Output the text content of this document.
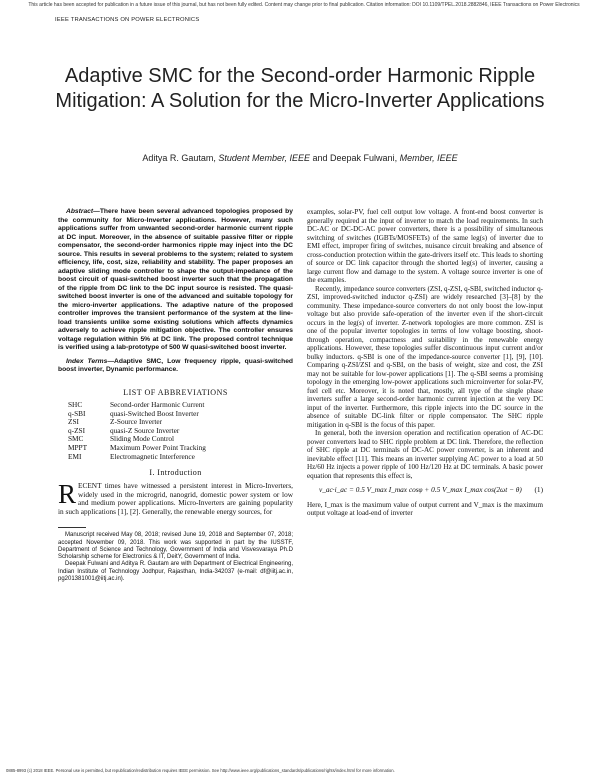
This article has been accepted for publication in a future issue of this journal, but has not been fully edited. Content may change prior to final publication. Citation information: DOI 10.1109/TPEL.2018.2882846, IEEE Transactions on Power Electronics
IEEE TRANSACTIONS ON POWER ELECTRONICS
Adaptive SMC for the Second-order Harmonic Ripple Mitigation: A Solution for the Micro-Inverter Applications
Aditya R. Gautam, Student Member, IEEE and Deepak Fulwani, Member, IEEE

Abstract—There have been several advanced topologies proposed by the community for Micro-Inverter applications. However, many such applications suffer from unwanted second-order harmonic current ripple at DC input. Moreover, in the absence of suitable passive filter or ripple compensator, the second-order harmonics ripple may inject into the DC source. This results in several problems to the system; related to system efficiency, life, cost, size, reliability and stability. The paper proposes an adaptive sliding mode controller to shape the output-impedance of the boost circuit of quasi-switched boost inverter such that the propagation of the ripple from DC link to the DC input source is resisted. The quasi-switched boost inverter is one of the advanced and suitable topology for the micro-inverter applications. The adaptive nature of the proposed controller improves the transient performance of the system at the line-load transients unlike some existing solutions which affects dynamics adversely to achieve ripple mitigation objective. The controller ensures voltage regulation within 5% at DC link. The proposed control technique is verified using a lab-prototype of 500 W quasi-switched boost inverter.

Index Terms—Adaptive SMC, Low frequency ripple, quasi-switched boost inverter, Dynamic performance.

LIST OF ABBREVIATIONS
SHC	Second-order Harmonic Current
q-SBI	quasi-Switched Boost Inverter
ZSI	Z-Source Inverter
q-ZSI	quasi-Z Source Inverter
SMC	Sliding Mode Control
MPPT	Maximum Power Point Tracking
EMI	Electromagnetic Interference
I. Introduction

RECENT times have witnessed a persistent interest in Micro-Inverters, widely used in the microgrid, nanogrid, domestic power system or low and medium power applications. Micro-Inverters are gaining popularity in such applications [1], [2]. Generally, the renewable energy sources, for

Manuscript received May 08, 2018; revised June 19, 2018 and September 07, 2018; accepted November 09, 2018. This work was supported in part by the IUSSTF, Department of Science and Technology, Government of India and Visvesvaraya Ph.D Scholarship scheme for Electronics & IT, DeitY, Government of India.

Deepak Fulwani and Aditya R. Gautam are with Department of Electrical Engineering, Indian Institute of Technology Jodhpur, Rajasthan, India-342037 (e-mail: df@iitj.ac.in, pg201381001@iitj.ac.in).

examples, solar-PV, fuel cell output low voltage. A front-end boost converter is generally required at the input of inverter to match the load requirements. In such DC-AC or DC-DC-AC power converters, there is a possibility of simultaneous switching of switches (IGBTs/MOSFETs) of the same leg(s) of inverter due to EMI effect, improper firing of switches, nuisance circuit breaking and absence of cross-conduction protection within the gate-drivers itself etc. This leads to shorting of source or DC link capacitor through the shorted leg(s) of inverter, causing a large current flow and damage to the system. A voltage source inverter is one of the examples.

Recently, impedance source converters (ZSI, q-ZSI, q-SBI, switched inductor q-ZSI, improved-switched inductor q-ZSI) are widely researched [3]–[8] by the community. These impedance-source converters do not only boost the low-input voltage but also provide safe-operation of the inverter even if the short-circuit occurs in the leg(s) of inverter. Z-network topologies are more common. ZSI is one of the popular inverter topologies in terms of low voltage boosting, shoot-through operation, compactness and suitability in the renewable energy applications. However, these topologies suffer discontinuous input current and/or bulky inductors. q-SBI is one of the impedance-source converter [1], [9], [10]. Comparing q-ZSI/ZSI and q-SBI, on the basis of weight, size and cost, the ZSI may not be suitable for low-power applications [1]. The q-SBI seems a promising topology in the emerging low-power applications such microinverter for solar-PV, fuel cell etc. Moreover, it is noted that, mostly, all type of the single phase inverters suffer a large second-order harmonic current injection at the very DC input of the inverter. Furthermore, this ripple injects into the DC source in the absence of suitable DC-link filter or ripple compensator. The SHC ripple mitigation in q-SBI is the focus of this paper.

In general, both the inversion operation and rectification operation of AC-DC power converters lead to SHC ripple problem at DC link. Therefore, the reflection of SHC ripple at DC terminals of DC-AC power converter, is an inherent and inevitable effect [11]. This means an inverter supplying AC power to a load at 50 Hz/60 Hz injects a power ripple of 100 Hz/120 Hz at DC terminals. A basic power equation that represents this effect is,

v_ac·i_ac = 0.5 V_max I_max cosφ + 0.5 V_max I_max cos(2ωt − θ) (1)

Here, I_max is the maximum value of output current and V_max is the maximum output voltage at load-end of inverter

0885-8993 (c) 2018 IEEE. Personal use is permitted, but republication/redistribution requires IEEE permission. See http://www.ieee.org/publications_standards/publications/rights/index.html for more information.
